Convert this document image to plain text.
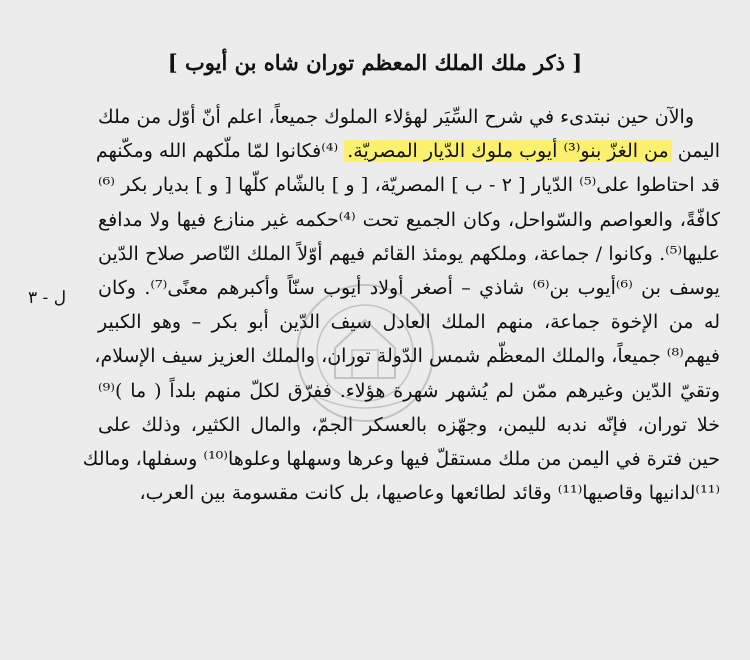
ل - ٣
[ ذكر ملك الملك المعظم توران شاه بن أيوب ]
والآن حين نبتدىء في شرح السِّيَر لهؤلاء الملوك جميعاً، اعلم أنّ أوّل من ملك
اليمن من الغزّ بنو⁽³⁾ أيوب ملوك الدّيار المصريّة. ⁽⁴⁾فكانوا لمّا ملّكهم الله ومكّنهم
قد احتاطوا على⁽⁵⁾ الدّيار [ ٢ - ب ] المصريّة، [ و ] بالشّام كلّها [ و ] بديار بكر ⁽⁶⁾
كافّةً، والعواصم والسّواحل، وكان الجميع تحت ⁽⁴⁾حكمه غير منازع فيها ولا مدافع
عليها⁽⁵⁾. وكانوا / جماعة، وملكهم يومئذ القائم فيهم أوّلاً الملك النّاصر صلاح الدّين
يوسف بن ⁽⁶⁾أيوب بن⁽⁶⁾ شاذي – أصغر أولاد أيوب سنّاً وأكبرهم معنًى⁽⁷⁾. وكان
له من الإخوة جماعة، منهم الملك العادل سيف الدّين أبو بكر – وهو الكبير
فيهم⁽⁸⁾ جميعاً، والملك المعظّم شمس الدّولة توران، والملك العزيز سيف الإسلام،
وتقيّ الدّين وغيرهم ممّن لم يُشهر شهرة هؤلاء. ففرّق لكلّ منهم بلداً ( ما )⁽⁹⁾
خلا توران، فإنّه ندبه لليمن، وجهّزه بالعسكر الجمّ، والمال الكثير، وذلك على
حين فترة في اليمن من ملك مستقلّ فيها وعرها وسهلها وعلوها⁽¹⁰⁾ وسفلها، ومالك
⁽¹¹⁾لدانيها وقاصيها⁽¹¹⁾ وقائد لطائعها وعاصيها، بل كانت مقسومة بين العرب،
